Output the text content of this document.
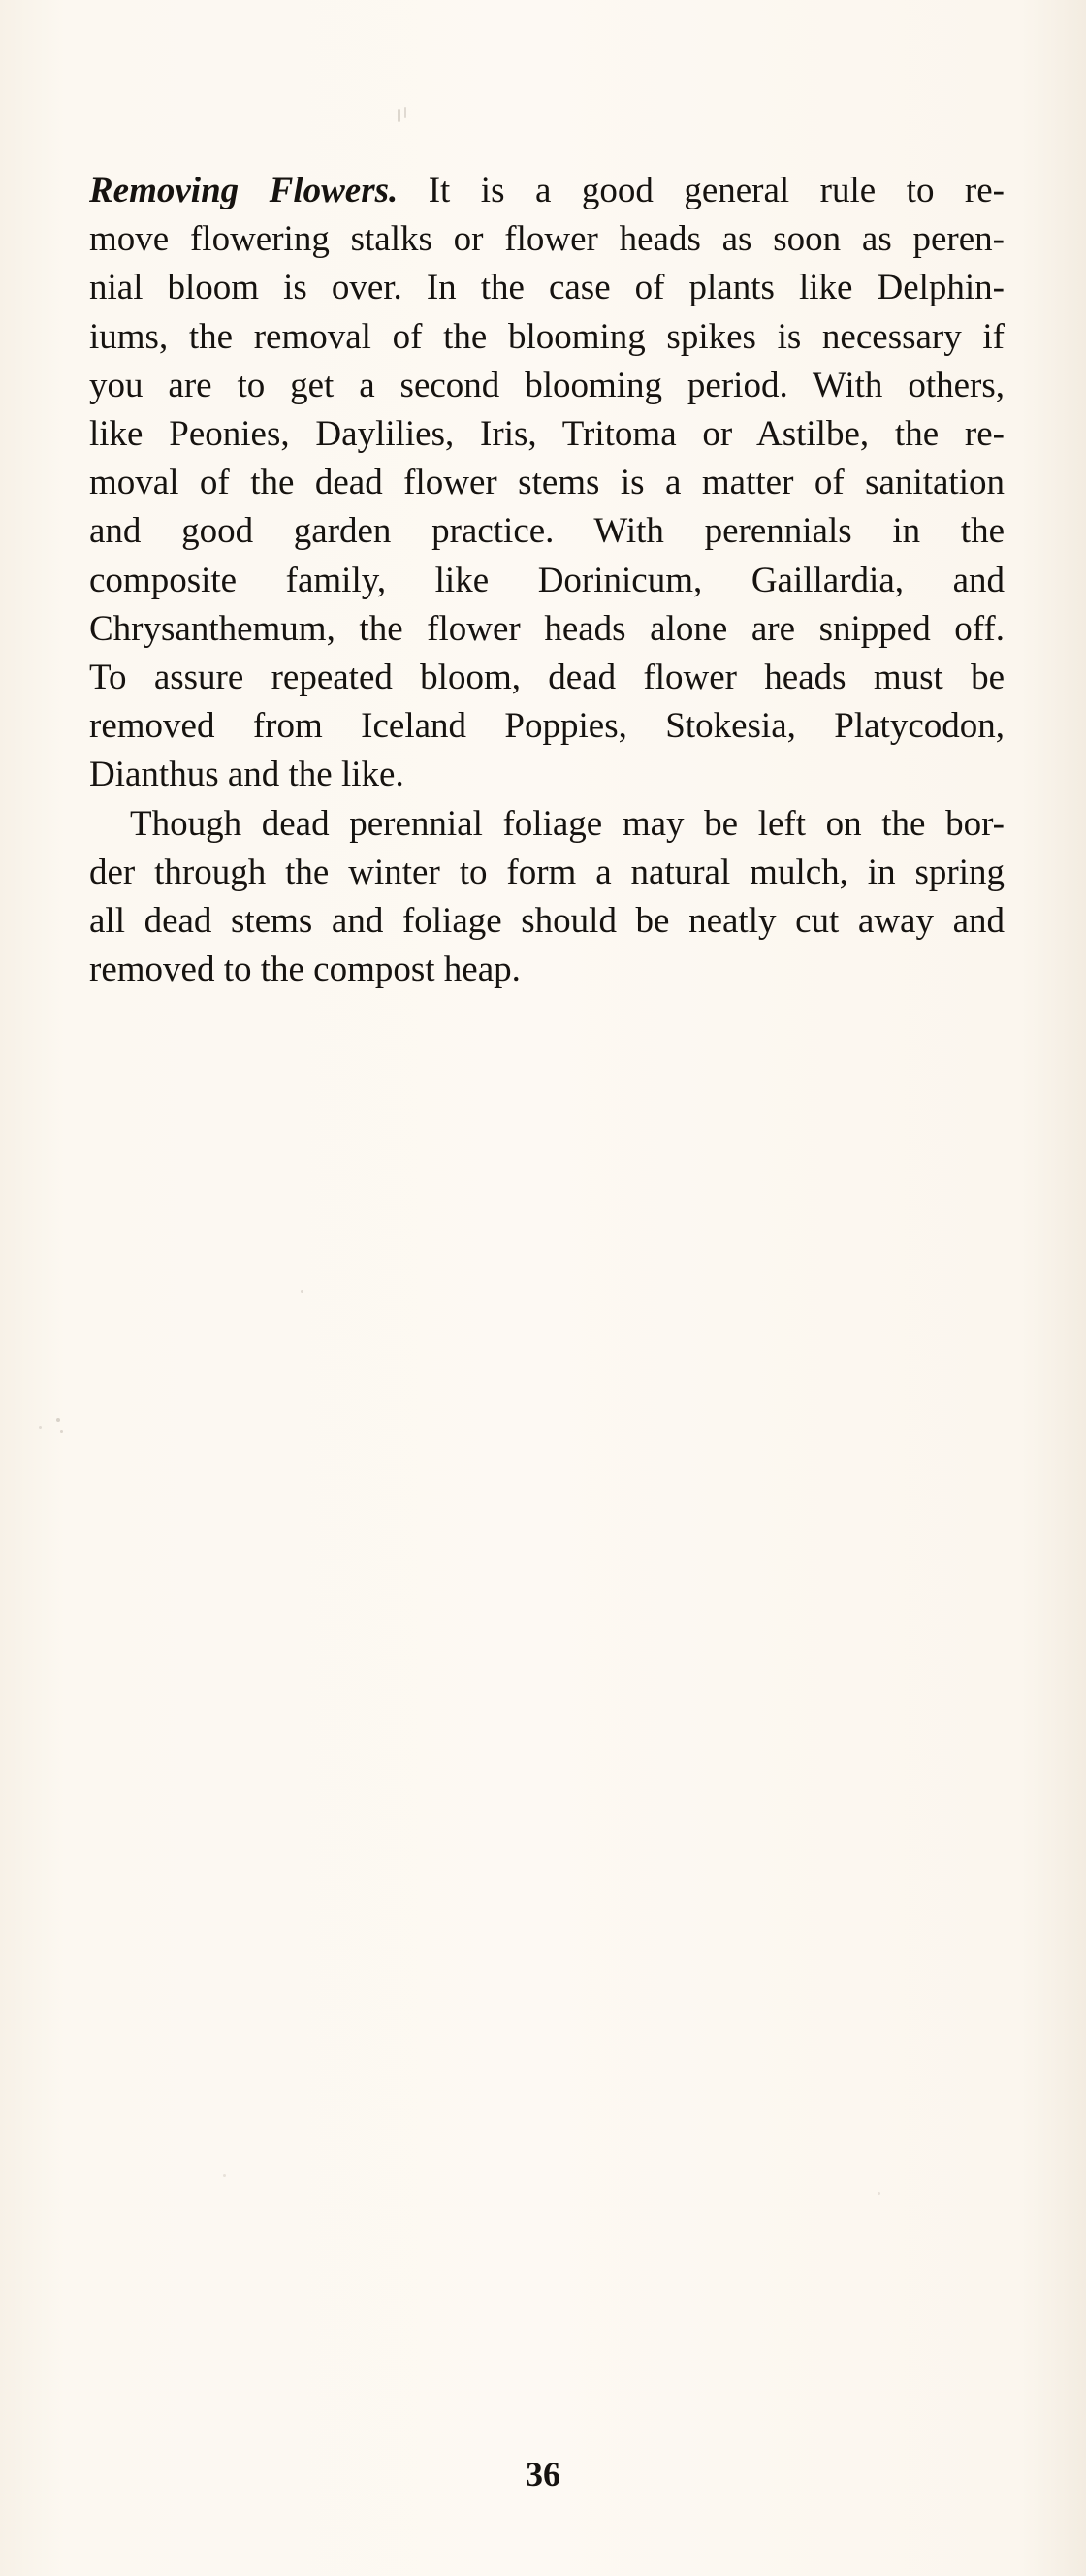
Removing Flowers. It is a good general rule to re-
move flowering stalks or flower heads as soon as peren-
nial bloom is over. In the case of plants like Delphin-
iums, the removal of the blooming spikes is necessary if
you are to get a second blooming period. With others,
like Peonies, Daylilies, Iris, Tritoma or Astilbe, the re-
moval of the dead flower stems is a matter of sanitation
and good garden practice. With perennials in the
composite family, like Dorinicum, Gaillardia, and
Chrysanthemum, the flower heads alone are snipped off.
To assure repeated bloom, dead flower heads must be
removed from Iceland Poppies, Stokesia, Platycodon,
Dianthus and the like.
Though dead perennial foliage may be left on the bor-
der through the winter to form a natural mulch, in spring
all dead stems and foliage should be neatly cut away and
removed to the compost heap.
36
